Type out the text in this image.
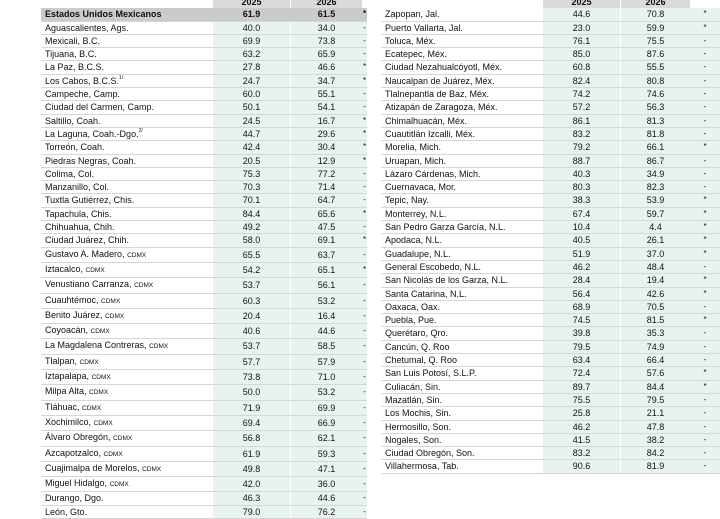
	2025		2026	
Estados Unidos Mexicanos	61.9		61.5	*
Aguascalientes, Ags.	40.0		34.0	-
Mexicali, B.C.	69.9		73.8	-
Tijuana, B.C.	63.2		65.9	-
La Paz, B.C.S.	27.8		46.6	*
Los Cabos, B.C.S.$^{1/}$	24.7		34.7	*
Campeche, Camp.	60.0		55.1	-
Ciudad del Carmen, Camp.	50.1		54.1	-
Saltillo, Coah.	24.5		16.7	*
La Laguna, Coah.-Dgo.$^{2/}$	44.7		29.6	*
Torreón, Coah.	42.4		30.4	*
Piedras Negras, Coah.	20.5		12.9	*
Colima, Col.	75.3		77.2	-
Manzanillo, Col.	70.3		71.4	-
Tuxtla Gutiérrez, Chis.	70.1		64.7	-
Tapachula, Chis.	84.4		65.6	*
Chihuahua, Chih.	49.2		47.5	-
Ciudad Juárez, Chih.	58.0		69.1	*
Gustavo A. Madero, CDMX	65.5		63.7	-
Iztacalco, CDMX	54.2		65.1	*
Venustiano Carranza, CDMX	53.7		56.1	-
Cuauhtémoc, CDMX	60.3		53.2	-
Benito Juárez, CDMX	20.4		16.4	-
Coyoacán, CDMX	40.6		44.6	-
La Magdalena Contreras, CDMX	53.7		58.5	-
Tlalpan, CDMX	57.7		57.9	-
Iztapalapa, CDMX	73.8		71.0	-
Milpa Alta, CDMX	50.0		53.2	-
Tláhuac, CDMX	71.9		69.9	-
Xochimilco, CDMX	69.4		66.9	-
Álvaro Obregón, CDMX	56.8		62.1	-
Azcapotzalco, CDMX	61.9		59.3	-
Cuajimalpa de Morelos, CDMX	49.8		47.1	-
Miguel Hidalgo, CDMX	42.0		36.0	-
Durango, Dgo.	46.3		44.6	-
León, Gto.	79.0		76.2	-
	2025		2026	
Zapopan, Jal.	44.6		70.8	*
Puerto Vallarta, Jal.	23.0		59.9	*
Toluca, Méx.	76.1		75.5	-
Ecatepec, Méx.	85.0		87.6	-
Ciudad Nezahualcóyotl, Méx.	60.8		55.5	-
Naucalpan de Juárez, Méx.	82.4		80.8	-
Tlalnepantla de Baz, Méx.	74.2		74.6	-
Atizapán de Zaragoza, Méx.	57.2		56.3	-
Chimalhuacán, Méx.	86.1		81.3	-
Cuautitlán Izcalli, Méx.	83.2		81.8	-
Morelia, Mich.	79.2		66.1	*
Uruapan, Mich.	88.7		86.7	-
Lázaro Cárdenas, Mich.	40.3		34.9	-
Cuernavaca, Mor.	80.3		82.3	-
Tepic, Nay.	38.3		53.9	*
Monterrey, N.L.	67.4		59.7	*
San Pedro Garza García, N.L.	10.4		4.4	*
Apodaca, N.L.	40.5		26.1	*
Guadalupe, N.L.	51.9		37.0	*
General Escobedo, N.L.	46.2		48.4	-
San Nicolás de los Garza, N.L.	28.4		19.4	*
Santa Catarina, N.L.	56.4		42.6	*
Oaxaca, Oax.	68.9		70.5	-
Puebla, Pue.	74.5		81.5	*
Querétaro, Qro.	39.8		35.3	-
Cancún, Q. Roo	79.5		74.9	-
Chetumal, Q. Roo	63.4		66.4	-
San Luis Potosí, S.L.P.	72.4		57.6	*
Culiacán, Sin.	89.7		84.4	*
Mazatlán, Sin.	75.5		79.5	-
Los Mochis, Sin.	25.8		21.1	-
Hermosillo, Son.	46.2		47.8	-
Nogales, Son.	41.5		38.2	-
Ciudad Obregón, Son.	83.2		84.2	-
Villahermosa, Tab.	90.6		81.9	-
